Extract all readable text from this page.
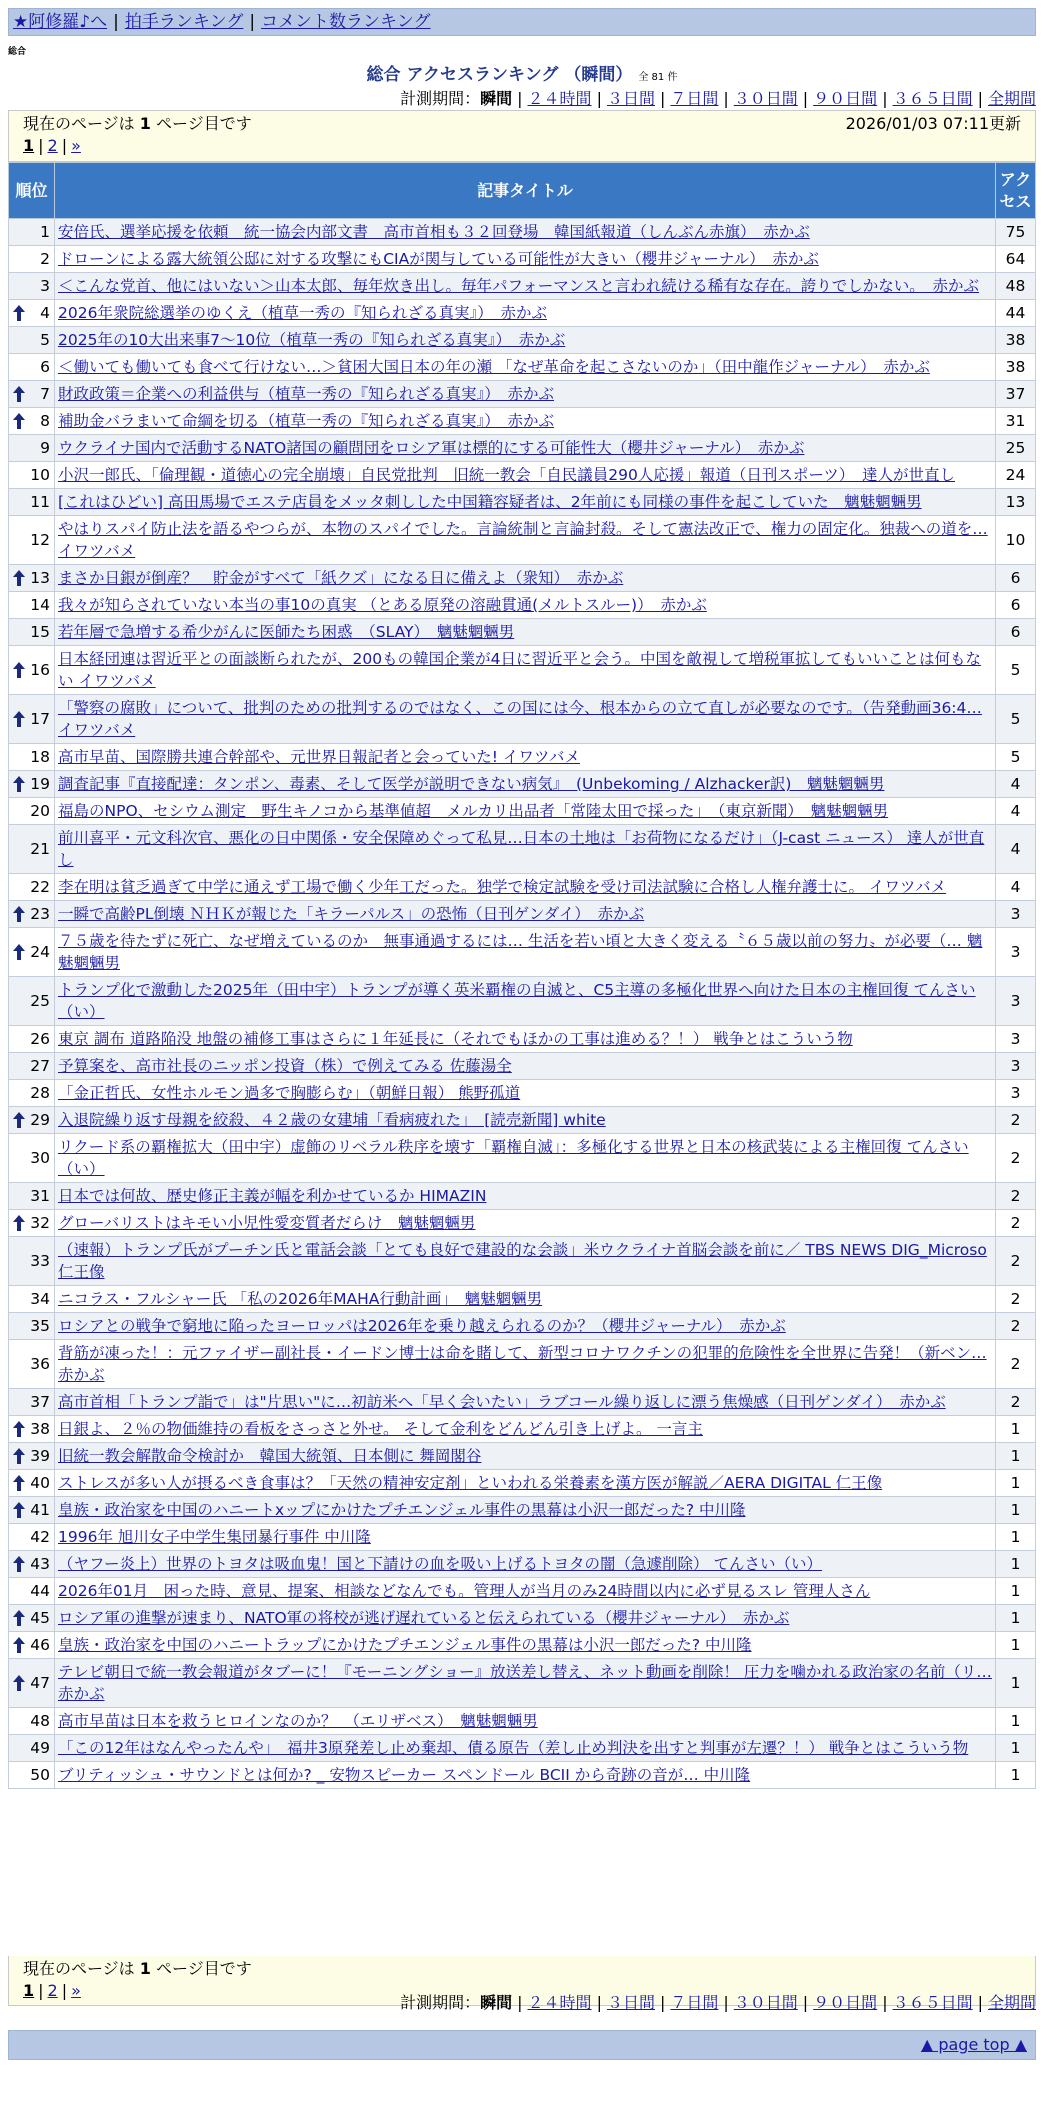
★阿修羅♪へ | 拍手ランキング | コメント数ランキング
総合
総合 アクセスランキング （瞬間） 全 81 件
計測期間：瞬間 | ２４時間 | ３日間 | ７日間 | ３０日間 | ９０日間 | ３６５日間 | 全期間
現在のページは 1 ページ目です	2026/01/03 07:11更新
1 | 2 | »
順位	記事タイトル	アクセス
1	安倍氏、選挙応援を依頼　統一協会内部文書　高市首相も３２回登場　韓国紙報道（しんぶん赤旗）　赤かぶ	75
2	ドローンによる露大統領公邸に対する攻撃にもCIAが関与している可能性が大きい（櫻井ジャーナル）　赤かぶ	64
3	＜こんな党首、他にはいない＞山本太郎、毎年炊き出し。毎年パフォーマンスと言われ続ける稀有な存在。誇りでしかない。　赤かぶ	48

4	2026年衆院総選挙のゆくえ（植草一秀の『知られざる真実』）　赤かぶ	44
5	2025年の10大出来事7～10位（植草一秀の『知られざる真実』）　赤かぶ	38
6	＜働いても働いても食べて行けない…＞貧困大国日本の年の瀬 「なぜ革命を起こさないのか」（田中龍作ジャーナル）　赤かぶ	38

7	財政政策＝企業への利益供与（植草一秀の『知られざる真実』）　赤かぶ	37

8	補助金バラまいて命綱を切る（植草一秀の『知られざる真実』）　赤かぶ	31
9	ウクライナ国内で活動するNATO諸国の顧問団をロシア軍は標的にする可能性大（櫻井ジャーナル）　赤かぶ	25
10	小沢一郎氏、「倫理観・道徳心の完全崩壊」自民党批判　旧統一教会「自民議員290人応援」報道（日刊スポーツ）　達人が世直し	24
11	[これはひどい] 高田馬場でエステ店員をメッタ刺しした中国籍容疑者は、2年前にも同様の事件を起こしていた　魑魅魍魎男	13
12	やはりスパイ防止法を語るやつらが、本物のスパイでした。言論統制と言論封殺。そして憲法改正で、権力の固定化。独裁への道を… イワツバメ	10

13	まさか日銀が倒産？　貯金がすべて「紙クズ」になる日に備えよ（衆知）　赤かぶ	6
14	我々が知らされていない本当の事10の真実 （とある原発の溶融貫通(メルトスルー)）　赤かぶ	6
15	若年層で急増する希少がんに医師たち困惑　（SLAY）　魑魅魍魎男	6

16	日本経団連は習近平との面談断られたが、200もの韓国企業が4日に習近平と会う。中国を敵視して増税軍拡してもいいことは何もない イワツバメ	5

17	「警察の腐敗」について、批判のための批判するのではなく、この国には今、根本からの立て直しが必要なのです。（告発動画36:4… イワツバメ	5
18	高市早苗、国際勝共連合幹部や、元世界日報記者と会っていた! イワツバメ	5

19	調査記事『直接配達：タンポン、毒素、そして医学が説明できない病気』　(Unbekoming / Alzhacker訳)　魑魅魍魎男	4
20	福島のNPO、セシウム測定　野生キノコから基準値超　メルカリ出品者「常陸太田で採った」　（東京新聞）　魑魅魍魎男	4
21	前川喜平・元文科次官、悪化の日中関係・安全保障めぐって私見…日本の土地は「お荷物になるだけ」（J-cast ニュース） 達人が世直し	4
22	李在明は貧乏過ぎて中学に通えず工場で働く少年工だった。独学で検定試験を受け司法試験に合格し人権弁護士に。 イワツバメ	4

23	一瞬で高齢PL倒壊 ＮＨＫが報じた「キラーパルス」の恐怖（日刊ゲンダイ）　赤かぶ	3

24	７５歳を待たずに死亡、なぜ増えているのか　無事通過するには… 生活を若い頃と大きく変える〝６５歳以前の努力〟が必要（… 魑魅魍魎男	3
25	トランプ化で激動した2025年（田中宇）トランプが導く英米覇権の自滅と、C5主導の多極化世界へ向けた日本の主権回復 てんさい（い）	3
26	東京 調布 道路陥没 地盤の補修工事はさらに１年延長に（それでもほかの工事は進める？！） 戦争とはこういう物	3
27	予算案を、高市社長のニッポン投資（株）で例えてみる 佐藤湯全	3
28	「金正哲氏、女性ホルモン過多で胸膨らむ」（朝鮮日報） 熊野孤道	3

29	入退院繰り返す母親を絞殺、４２歳の女建埔「看病疲れた」　[読売新聞] white	2
30	リクード系の覇権拡大（田中宇）虚飾のリベラル秩序を壊す「覇権自滅」：多極化する世界と日本の核武装による主権回復 てんさい（い）	2
31	日本では何故、歴史修正主義が幅を利かせているか HIMAZIN	2

32	グローバリストはキモい小児性愛変質者だらけ　魑魅魍魎男	2
33	（速報）トランプ氏がプーチン氏と電話会談「とても良好で建設的な会談」米ウクライナ首脳会談を前に／ TBS NEWS DIG_Microso 仁王像	2
34	ニコラス・フルシャー氏 「私の2026年MAHA行動計画」　魑魅魍魎男	2
35	ロシアとの戦争で窮地に陥ったヨーロッパは2026年を乗り越えられるのか？（櫻井ジャーナル）　赤かぶ	2
36	背筋が凍った！：元ファイザー副社長・イードン博士は命を賭して、新型コロナワクチンの犯罪的危険性を全世界に告発！（新ベン… 赤かぶ	2
37	高市首相「トランプ詣で」は"片思い"に…初訪米へ「早く会いたい」ラブコール繰り返しに漂う焦燥感（日刊ゲンダイ）　赤かぶ	2

38	日銀よ、２％の物価維持の看板をさっさと外せ。 そして金利をどんどん引き上げよ。 一言主	1

39	旧統一教会解散命令検討か　韓国大統領、日本側に 舞岡閣谷	1

40	ストレスが多い人が摂るべき食事は？「天然の精神安定剤」といわれる栄養素を漢方医が解説／AERA DIGITAL 仁王像	1

41	皇族・政治家を中国のハニートxップにかけたプチエンジェル事件の黒幕は小沢一郎だった? 中川隆	1
42	1996年 旭川女子中学生集団暴行事件 中川隆	1

43	（ヤフー炎上）世界のトヨタは吸血鬼！国と下請けの血を吸い上げるトヨタの闇（急遽削除） てんさい（い）	1
44	2026年01月　困った時、意見、提案、相談などなんでも。管理人が当月のみ24時間以内に必ず見るスレ 管理人さん	1

45	ロシア軍の進撃が速まり、NATO軍の将校が逃げ遅れていると伝えられている（櫻井ジャーナル）　赤かぶ	1

46	皇族・政治家を中国のハニートラップにかけたプチエンジェル事件の黒幕は小沢一郎だった? 中川隆	1

47	テレビ朝日で統一教会報道がタブーに！『モーニングショー』放送差し替え、ネット動画を削除！ 圧力を噛かれる政治家の名前（リ… 赤かぶ	1
48	高市早苗は日本を救うヒロインなのか？　（エリザベス）　魑魅魍魎男	1
49	「この12年はなんやったんや」　福井3原発差し止め棄却、債る原告（差し止め判決を出すと判事が左遷？！） 戦争とはこういう物	1
50	ブリティッシュ・サウンドとは何か? _ 安物スピーカー スペンドール BCII から奇跡の音が… 中川隆	1
現在のページは 1 ページ目です
1 | 2 | »
計測期間：瞬間 | ２４時間 | ３日間 | ７日間 | ３０日間 | ９０日間 | ３６５日間 | 全期間
▲ page top ▲
